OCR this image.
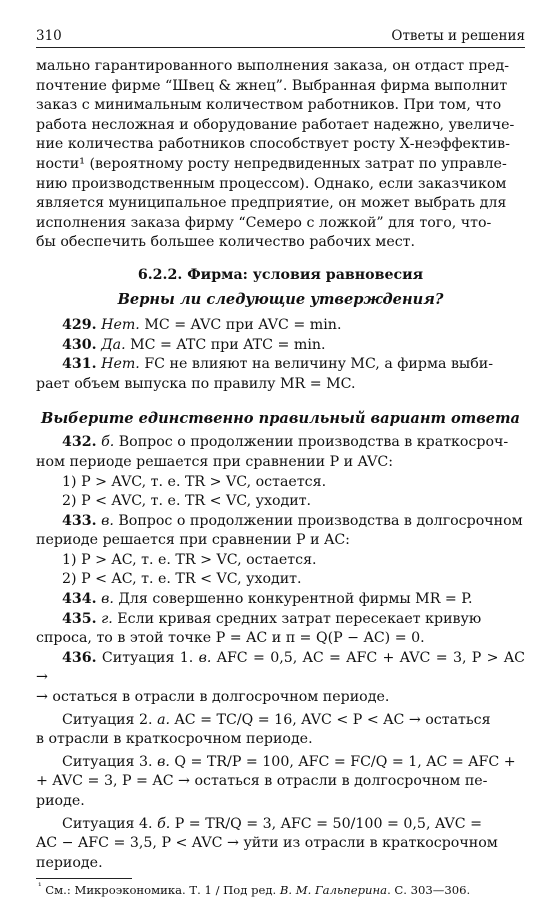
310	Ответы и решения

мально гарантированного выполнения заказа, он отдаст пред-

почтение фирме “Швец & жнец”. Выбранная фирма выполнит

заказ с минимальным количеством работников. При том, что

работа несложная и оборудование работает надежно, увеличе-

ние количества работников способствует росту Х-неэффектив-

ности¹ (вероятному росту непредвиденных затрат по управле-

нию производственным процессом). Однако, если заказчиком

является муниципальное предприятие, он может выбрать для

исполнения заказа фирму “Семеро с ложкой” для того, что-

бы обеспечить большее количество рабочих мест.

6.2.2. Фирма: условия равновесия
Верны ли следующие утверждения?

429. Нет. MC = AVC при AVC = min.

430. Да. MC = ATC при ATC = min.

431. Нет. FC не влияют на величину MC, а фирма выби-

рает объем выпуска по правилу MR = MC.

Выберите единственно правильный вариант ответа

432. б. Вопрос о продолжении производства в краткосроч-

ном периоде решается при сравнении P и AVC:

1) P > AVC, т. е. TR > VC, остается.

2) P < AVC, т. е. TR < VC, уходит.

433. в. Вопрос о продолжении производства в долгосрочном

периоде решается при сравнении P и AC:

1) P > AC, т. е. TR > VC, остается.

2) P < AC, т. е. TR < VC, уходит.

434. в. Для совершенно конкурентной фирмы MR = P.

435. г. Если кривая средних затрат пересекает кривую

спроса, то в этой точке P = AC и π = Q(P − AC) = 0.

436. Ситуация 1. в. AFC = 0,5, AC = AFC + AVC = 3, P > AC →

→ остаться в отрасли в долгосрочном периоде.

Ситуация 2. а. AC = TC/Q = 16, AVC < P < AC → остаться

в отрасли в краткосрочном периоде.

Ситуация 3. в. Q = TR/P = 100, AFC = FC/Q = 1, AC = AFC +

+ AVC = 3, P = AC → остаться в отрасли в долгосрочном пе-

риоде.

Ситуация 4. б. P = TR/Q = 3, AFC = 50/100 = 0,5, AVC =

AC − AFC = 3,5, P < AVC → уйти из отрасли в краткосрочном

периоде.

$^{^1}$ См.: Микроэкономика. Т. 1 / Под ред. В. М. Гальперина. С. 303—306.
